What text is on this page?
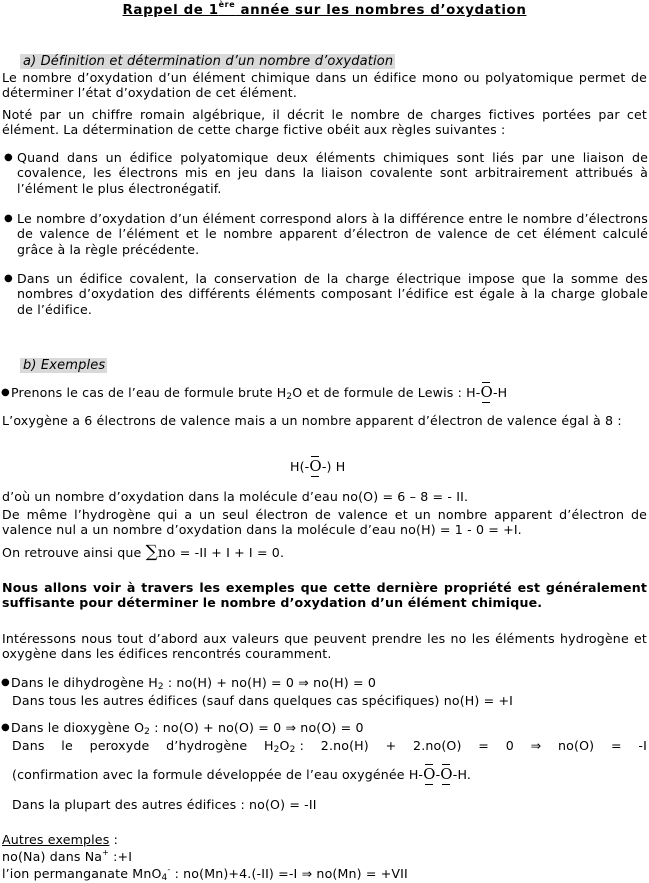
Rappel de 1ère année sur les nombres d’oxydation
a) Définition et détermination d’un nombre d’oxydation
Le nombre d’oxydation d’un élément chimique dans un édifice mono ou polyatomique permet de déterminer l’état d’oxydation de cet élément.
Noté par un chiffre romain algébrique, il décrit le nombre de charges fictives portées par cet élément. La détermination de cette charge fictive obéit aux règles suivantes :
● Quand dans un édifice polyatomique deux éléments chimiques sont liés par une liaison de covalence, les électrons mis en jeu dans la liaison covalente sont arbitrairement attribués à l’élément le plus électronégatif.
● Le nombre d’oxydation d’un élément correspond alors à la différence entre le nombre d’électrons de valence de l’élément et le nombre apparent d’électron de valence de cet élément calculé grâce à la règle précédente.
● Dans un édifice covalent, la conservation de la charge électrique impose que la somme des nombres d’oxydation des différents éléments composant l’édifice est égale à la charge globale de l’édifice.
b) Exemples
● Prenons le cas de l’eau de formule brute $H_2O$ et de formule de Lewis : H-
O-H
L’oxygène a 6 électrons de valence mais a un nombre apparent d’électron de valence égal à 8 :
H(-
O-) H
d’où un nombre d’oxydation dans la molécule d’eau no(O) = 6 – 8 = - II.
De même l’hydrogène qui a un seul électron de valence et un nombre apparent d’électron de valence nul a un nombre d’oxydation dans la molécule d’eau no(H) = 1 - 0 = +I.
On retrouve ainsi que ∑no = -II + I + I = 0.
Nous allons voir à travers les exemples que cette dernière propriété est généralement suffisante pour déterminer le nombre d’oxydation d’un élément chimique.
Intéressons nous tout d’abord aux valeurs que peuvent prendre les no les éléments hydrogène et oxygène dans les édifices rencontrés couramment.
● Dans le dihydrogène $H_2$ : no(H) + no(H) = 0 ⇒ no(H) = 0
Dans tous les autres édifices (sauf dans quelques cas spécifiques) no(H) = +I
● Dans le dioxygène $O_2$ : no(O) + no(O) = 0 ⇒ no(O) = 0
Dans le peroxyde d’hydrogène $H_2O_2$ : 2.no(H) + 2.no(O) = 0 ⇒ no(O) = -I
(confirmation avec la formule développée de l’eau oxygénée H-
O-
O-H.
Dans la plupart des autres édifices : no(O) = -II
Autres exemples :
no(Na) dans Na+ :+I
l’ion permanganate MnO$_4$- : no(Mn)+4.(-II) =-I ⇒ no(Mn) = +VII
